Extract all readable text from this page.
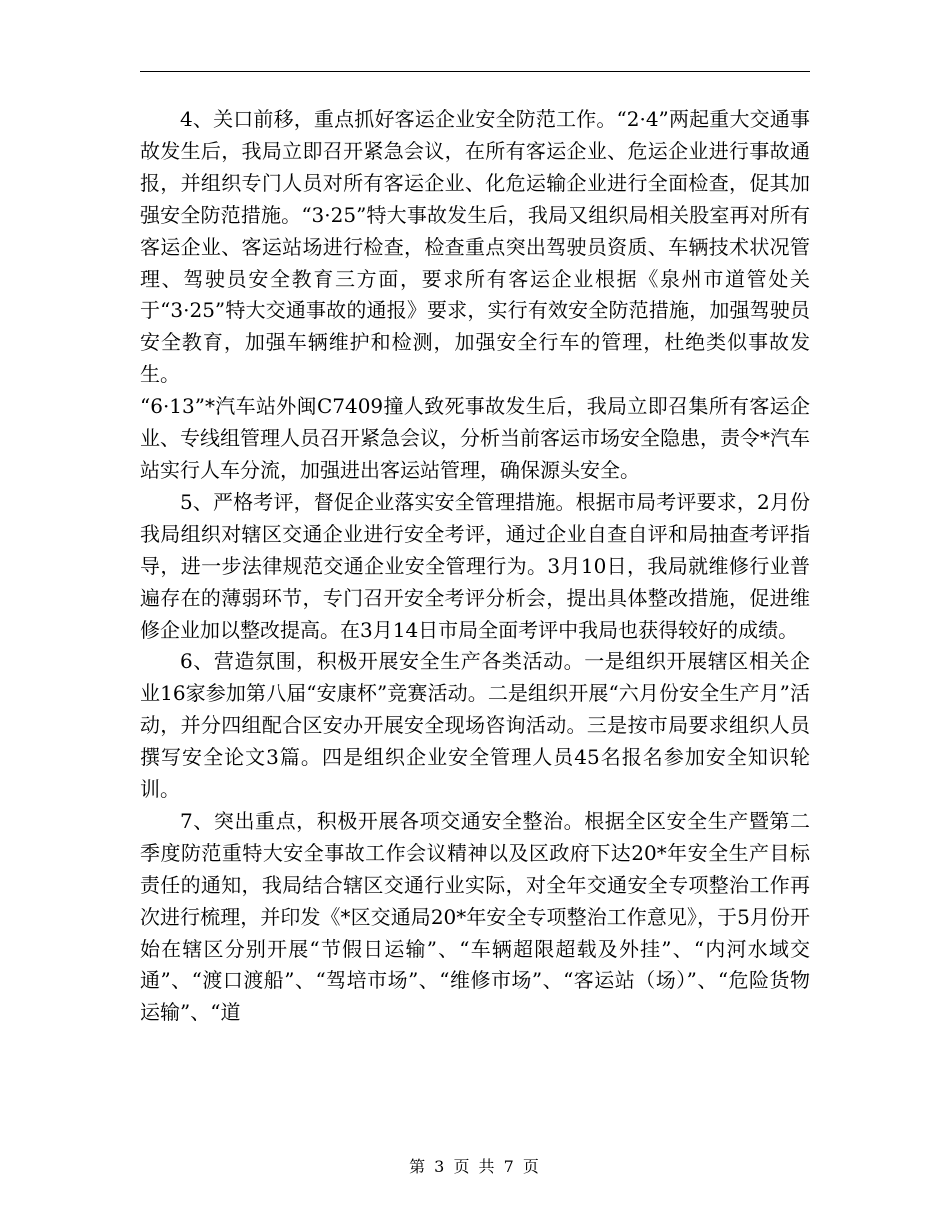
4、关口前移，重点抓好客运企业安全防范工作。“2·4”两起重大交通事故发生后，我局立即召开紧急会议，在所有客运企业、危运企业进行事故通报，并组织专门人员对所有客运企业、化危运输企业进行全面检查，促其加强安全防范措施。“3·25”特大事故发生后，我局又组织局相关股室再对所有客运企业、客运站场进行检查，检查重点突出驾驶员资质、车辆技术状况管理、驾驶员安全教育三方面，要求所有客运企业根据《泉州市道管处关于“3·25”特大交通事故的通报》要求，实行有效安全防范措施，加强驾驶员安全教育，加强车辆维护和检测，加强安全行车的管理，杜绝类似事故发生。

“6·13”*汽车站外闽C7409撞人致死事故发生后，我局立即召集所有客运企业、专线组管理人员召开紧急会议，分析当前客运市场安全隐患，责令*汽车站实行人车分流，加强进出客运站管理，确保源头安全。

5、严格考评，督促企业落实安全管理措施。根据市局考评要求，2月份我局组织对辖区交通企业进行安全考评，通过企业自查自评和局抽查考评指导，进一步法律规范交通企业安全管理行为。3月10日，我局就维修行业普遍存在的薄弱环节，专门召开安全考评分析会，提出具体整改措施，促进维修企业加以整改提高。在3月14日市局全面考评中我局也获得较好的成绩。

6、营造氛围，积极开展安全生产各类活动。一是组织开展辖区相关企业16家参加第八届“安康杯”竞赛活动。二是组织开展“六月份安全生产月”活动，并分四组配合区安办开展安全现场咨询活动。三是按市局要求组织人员撰写安全论文3篇。四是组织企业安全管理人员45名报名参加安全知识轮训。

7、突出重点，积极开展各项交通安全整治。根据全区安全生产暨第二季度防范重特大安全事故工作会议精神以及区政府下达20*年安全生产目标责任的通知，我局结合辖区交通行业实际，对全年交通安全专项整治工作再次进行梳理，并印发《*区交通局20*年安全专项整治工作意见》，于5月份开始在辖区分别开展“节假日运输”、“车辆超限超载及外挂”、“内河水域交通”、“渡口渡船”、“驾培市场”、“维修市场”、“客运站（场）”、“危险货物运输”、“道

第 3 页 共 7 页
